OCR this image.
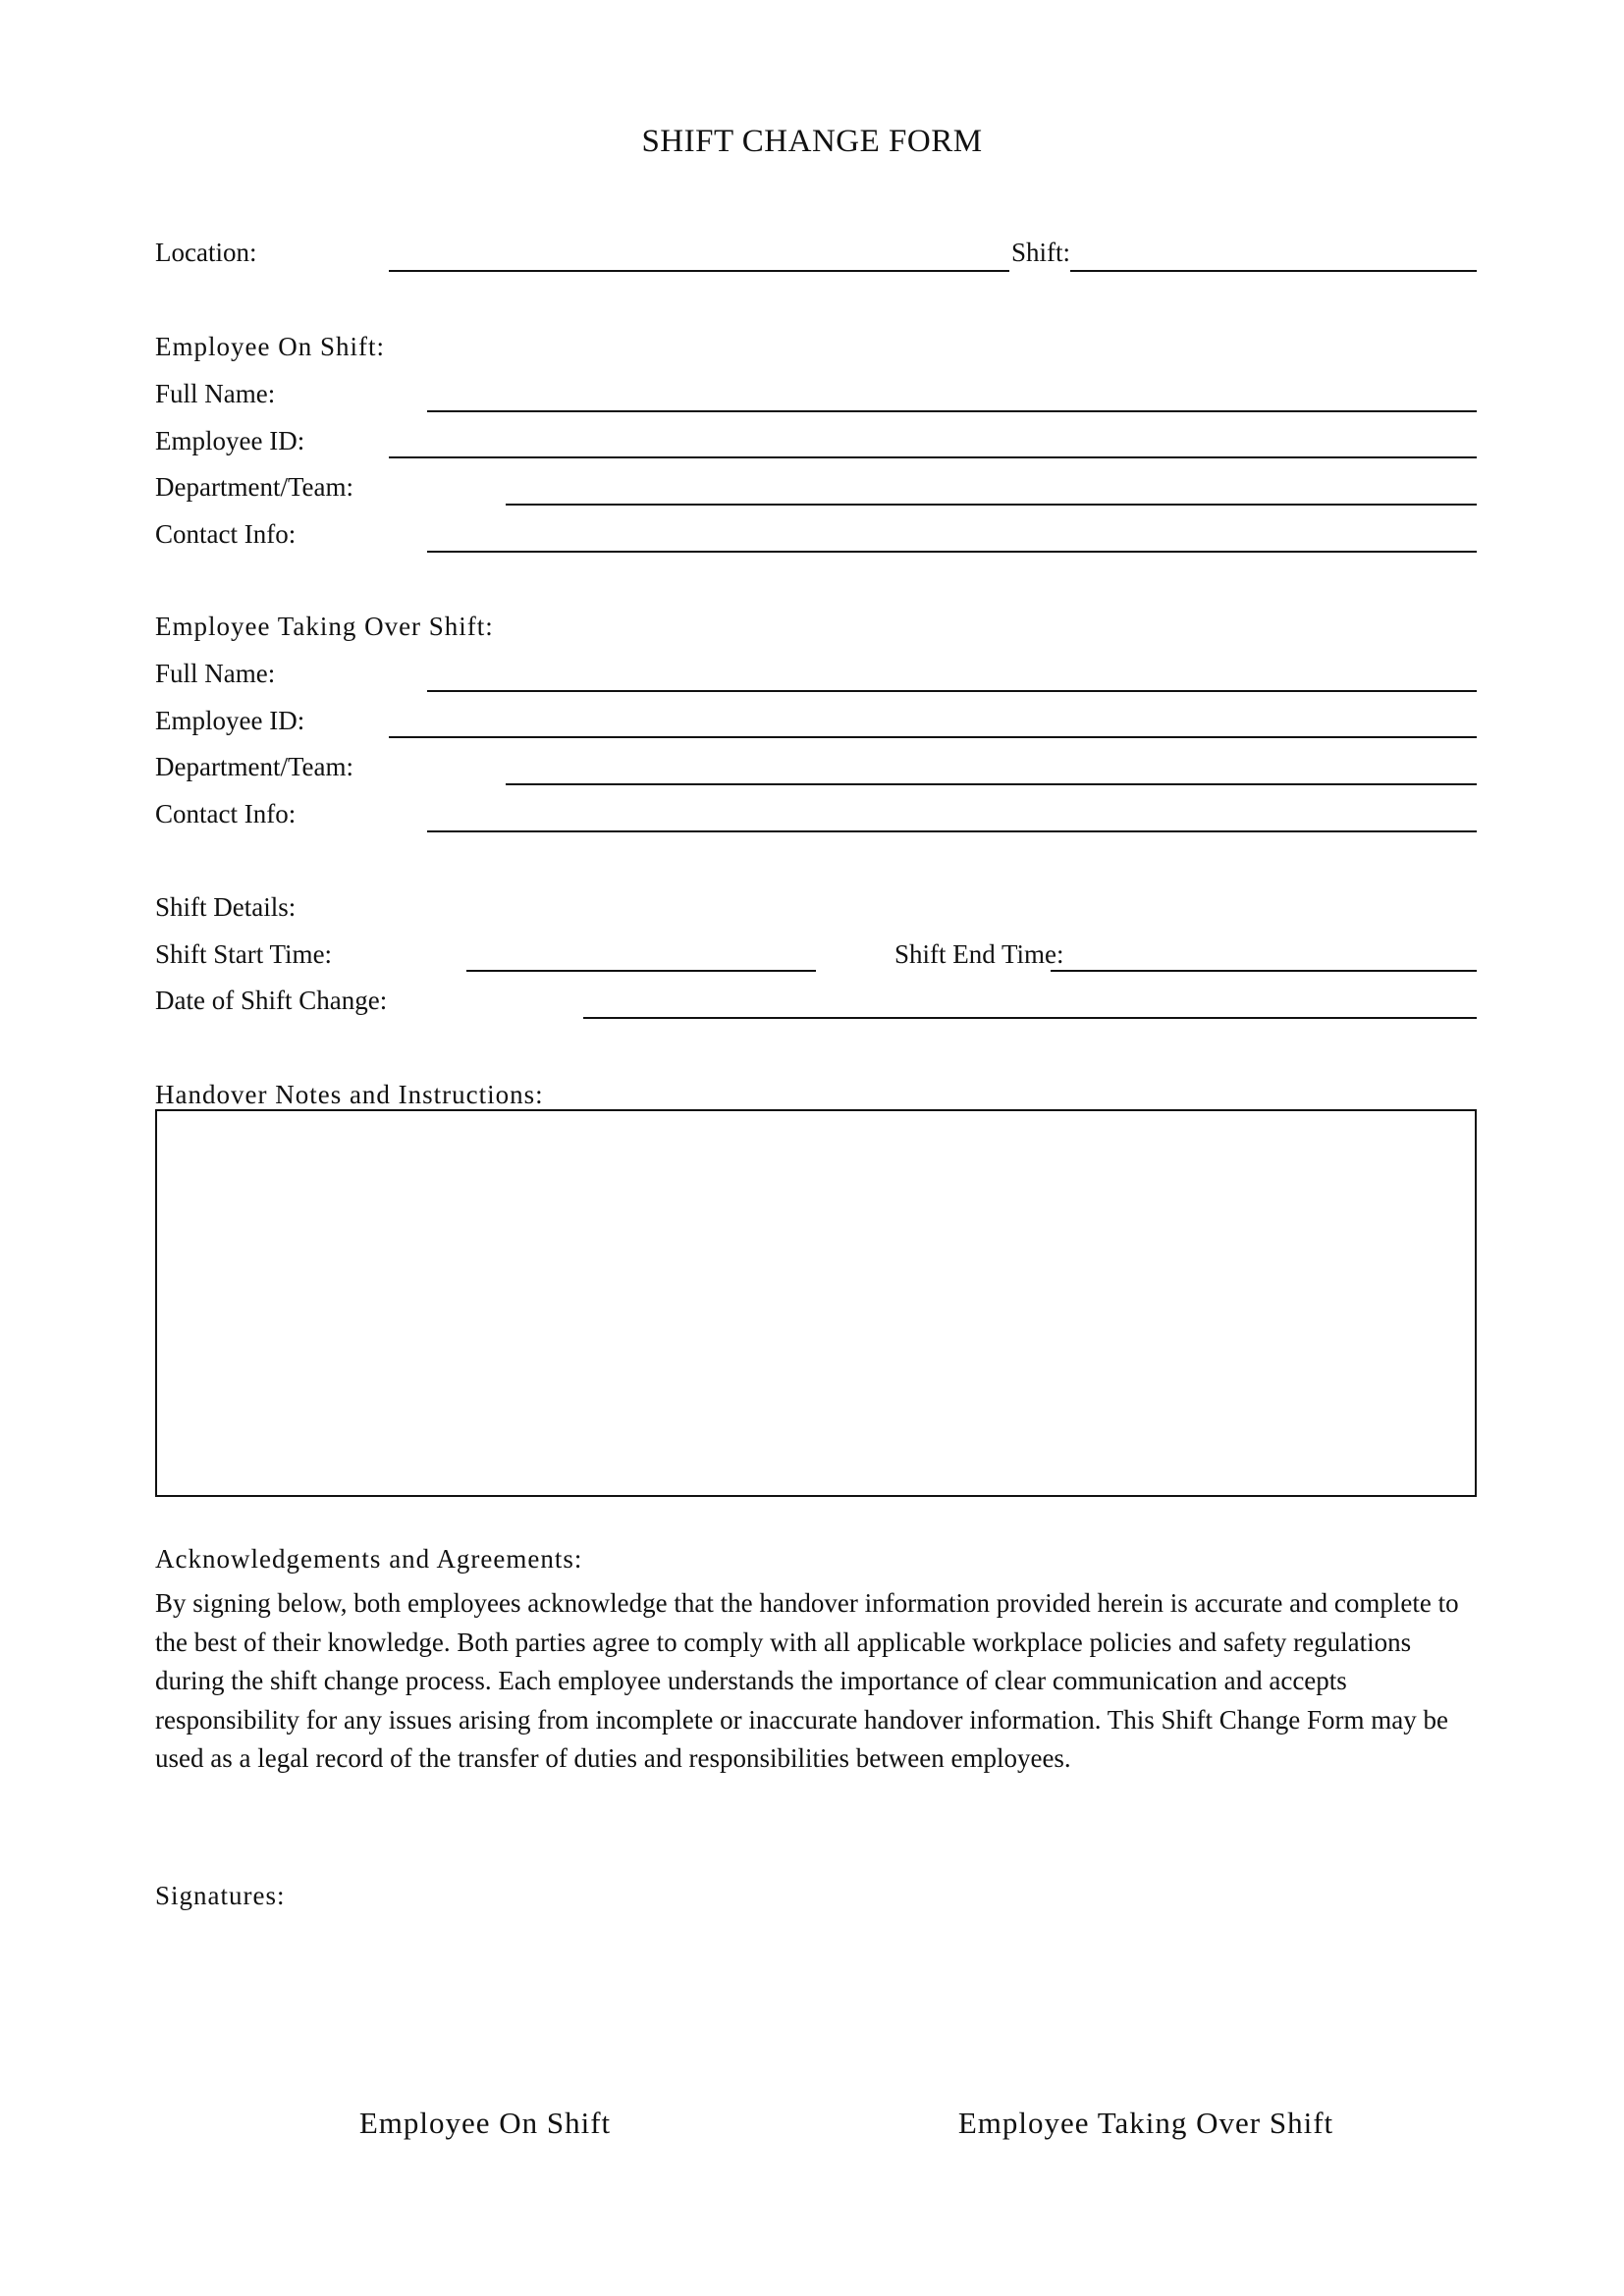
SHIFT CHANGE FORM
Location:	Shift:
Employee On Shift:
Full Name:
Employee ID:
Department/Team:
Contact Info:
Employee Taking Over Shift:
Full Name:
Employee ID:
Department/Team:
Contact Info:
Shift Details:
Shift Start Time:	Shift End Time:
Date of Shift Change:
Handover Notes and Instructions:
Acknowledgements and Agreements:
By signing below, both employees acknowledge that the handover information provided herein is accurate and complete to the best of their knowledge. Both parties agree to comply with all applicable workplace policies and safety regulations during the shift change process. Each employee understands the importance of clear communication and accepts responsibility for any issues arising from incomplete or inaccurate handover information. This Shift Change Form may be used as a legal record of the transfer of duties and responsibilities between employees.
Signatures:
Employee On Shift	Employee Taking Over Shift
